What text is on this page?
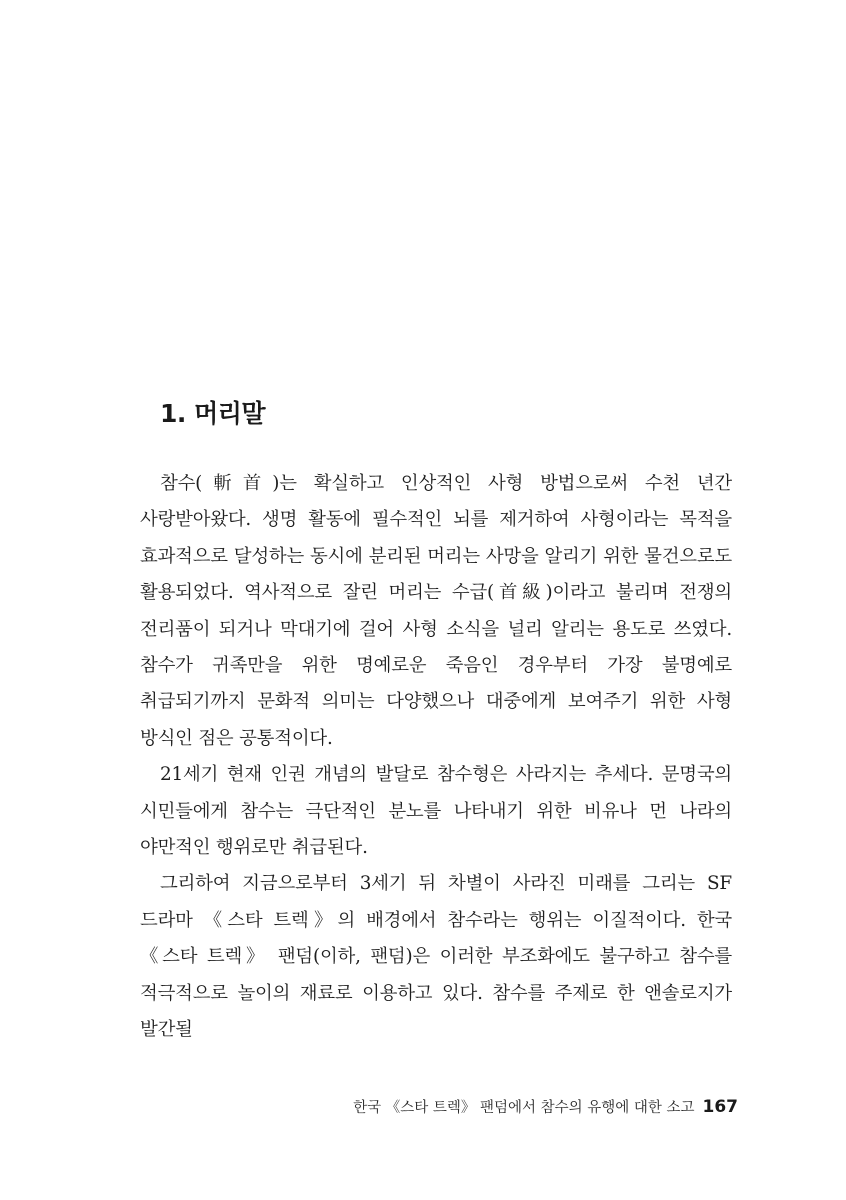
1. 머리말

참수(斬首)는 확실하고 인상적인 사형 방법으로써 수천 년간 사랑받아왔다. 생명 활동에 필수적인 뇌를 제거하여 사형이라는 목적을 효과적으로 달성하는 동시에 분리된 머리는 사망을 알리기 위한 물건으로도 활용되었다. 역사적으로 잘린 머리는 수급(首級)이라고 불리며 전쟁의 전리품이 되거나 막대기에 걸어 사형 소식을 널리 알리는 용도로 쓰였다. 참수가 귀족만을 위한 명예로운 죽음인 경우부터 가장 불명예로 취급되기까지 문화적 의미는 다양했으나 대중에게 보여주기 위한 사형 방식인 점은 공통적이다.

21세기 현재 인권 개념의 발달로 참수형은 사라지는 추세다. 문명국의 시민들에게 참수는 극단적인 분노를 나타내기 위한 비유나 먼 나라의 야만적인 행위로만 취급된다.

그리하여 지금으로부터 3세기 뒤 차별이 사라진 미래를 그리는 SF 드라마 《스타 트렉》의 배경에서 참수라는 행위는 이질적이다. 한국 《스타 트렉》 팬덤(이하, 팬덤)은 이러한 부조화에도 불구하고 참수를 적극적으로 놀이의 재료로 이용하고 있다. 참수를 주제로 한 앤솔로지가 발간될

한국 《스타 트렉》 팬덤에서 참수의 유행에 대한 소고 167
